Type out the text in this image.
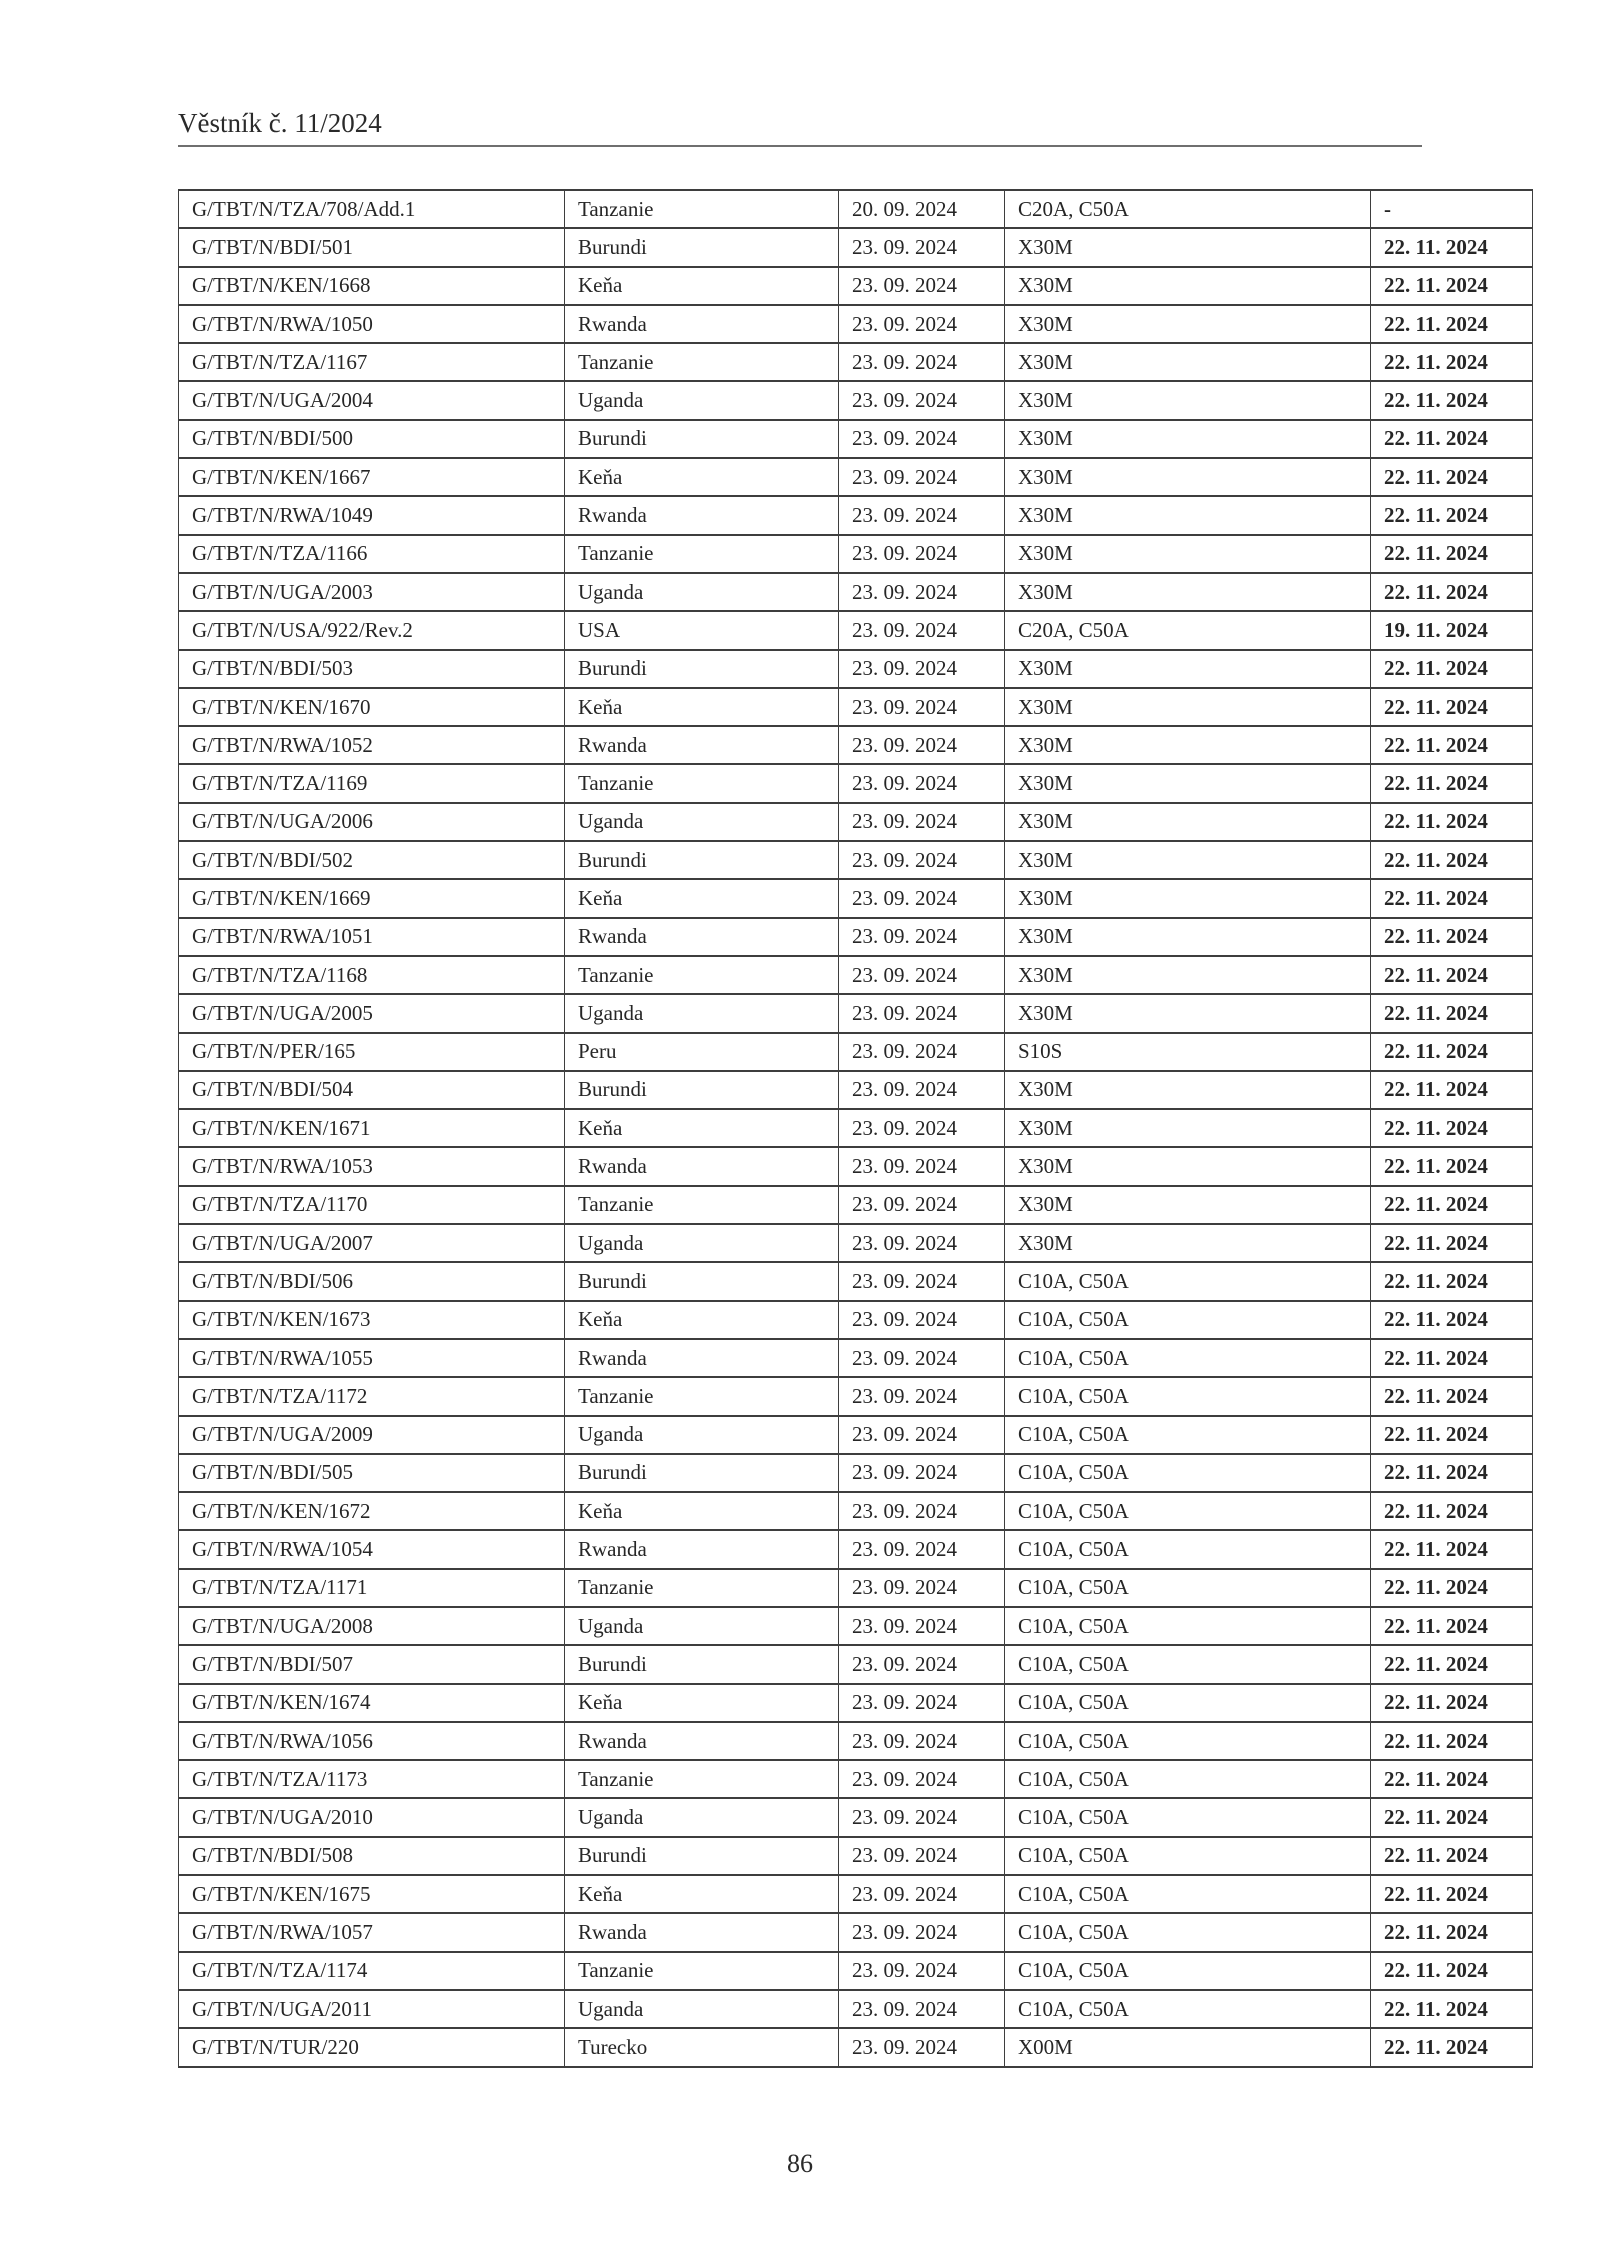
Věstník č. 11/2024
G/TBT/N/TZA/708/Add.1	Tanzanie	20. 09. 2024	C20A, C50A	-
G/TBT/N/BDI/501	Burundi	23. 09. 2024	X30M	22. 11. 2024
G/TBT/N/KEN/1668	Keňa	23. 09. 2024	X30M	22. 11. 2024
G/TBT/N/RWA/1050	Rwanda	23. 09. 2024	X30M	22. 11. 2024
G/TBT/N/TZA/1167	Tanzanie	23. 09. 2024	X30M	22. 11. 2024
G/TBT/N/UGA/2004	Uganda	23. 09. 2024	X30M	22. 11. 2024
G/TBT/N/BDI/500	Burundi	23. 09. 2024	X30M	22. 11. 2024
G/TBT/N/KEN/1667	Keňa	23. 09. 2024	X30M	22. 11. 2024
G/TBT/N/RWA/1049	Rwanda	23. 09. 2024	X30M	22. 11. 2024
G/TBT/N/TZA/1166	Tanzanie	23. 09. 2024	X30M	22. 11. 2024
G/TBT/N/UGA/2003	Uganda	23. 09. 2024	X30M	22. 11. 2024
G/TBT/N/USA/922/Rev.2	USA	23. 09. 2024	C20A, C50A	19. 11. 2024
G/TBT/N/BDI/503	Burundi	23. 09. 2024	X30M	22. 11. 2024
G/TBT/N/KEN/1670	Keňa	23. 09. 2024	X30M	22. 11. 2024
G/TBT/N/RWA/1052	Rwanda	23. 09. 2024	X30M	22. 11. 2024
G/TBT/N/TZA/1169	Tanzanie	23. 09. 2024	X30M	22. 11. 2024
G/TBT/N/UGA/2006	Uganda	23. 09. 2024	X30M	22. 11. 2024
G/TBT/N/BDI/502	Burundi	23. 09. 2024	X30M	22. 11. 2024
G/TBT/N/KEN/1669	Keňa	23. 09. 2024	X30M	22. 11. 2024
G/TBT/N/RWA/1051	Rwanda	23. 09. 2024	X30M	22. 11. 2024
G/TBT/N/TZA/1168	Tanzanie	23. 09. 2024	X30M	22. 11. 2024
G/TBT/N/UGA/2005	Uganda	23. 09. 2024	X30M	22. 11. 2024
G/TBT/N/PER/165	Peru	23. 09. 2024	S10S	22. 11. 2024
G/TBT/N/BDI/504	Burundi	23. 09. 2024	X30M	22. 11. 2024
G/TBT/N/KEN/1671	Keňa	23. 09. 2024	X30M	22. 11. 2024
G/TBT/N/RWA/1053	Rwanda	23. 09. 2024	X30M	22. 11. 2024
G/TBT/N/TZA/1170	Tanzanie	23. 09. 2024	X30M	22. 11. 2024
G/TBT/N/UGA/2007	Uganda	23. 09. 2024	X30M	22. 11. 2024
G/TBT/N/BDI/506	Burundi	23. 09. 2024	C10A, C50A	22. 11. 2024
G/TBT/N/KEN/1673	Keňa	23. 09. 2024	C10A, C50A	22. 11. 2024
G/TBT/N/RWA/1055	Rwanda	23. 09. 2024	C10A, C50A	22. 11. 2024
G/TBT/N/TZA/1172	Tanzanie	23. 09. 2024	C10A, C50A	22. 11. 2024
G/TBT/N/UGA/2009	Uganda	23. 09. 2024	C10A, C50A	22. 11. 2024
G/TBT/N/BDI/505	Burundi	23. 09. 2024	C10A, C50A	22. 11. 2024
G/TBT/N/KEN/1672	Keňa	23. 09. 2024	C10A, C50A	22. 11. 2024
G/TBT/N/RWA/1054	Rwanda	23. 09. 2024	C10A, C50A	22. 11. 2024
G/TBT/N/TZA/1171	Tanzanie	23. 09. 2024	C10A, C50A	22. 11. 2024
G/TBT/N/UGA/2008	Uganda	23. 09. 2024	C10A, C50A	22. 11. 2024
G/TBT/N/BDI/507	Burundi	23. 09. 2024	C10A, C50A	22. 11. 2024
G/TBT/N/KEN/1674	Keňa	23. 09. 2024	C10A, C50A	22. 11. 2024
G/TBT/N/RWA/1056	Rwanda	23. 09. 2024	C10A, C50A	22. 11. 2024
G/TBT/N/TZA/1173	Tanzanie	23. 09. 2024	C10A, C50A	22. 11. 2024
G/TBT/N/UGA/2010	Uganda	23. 09. 2024	C10A, C50A	22. 11. 2024
G/TBT/N/BDI/508	Burundi	23. 09. 2024	C10A, C50A	22. 11. 2024
G/TBT/N/KEN/1675	Keňa	23. 09. 2024	C10A, C50A	22. 11. 2024
G/TBT/N/RWA/1057	Rwanda	23. 09. 2024	C10A, C50A	22. 11. 2024
G/TBT/N/TZA/1174	Tanzanie	23. 09. 2024	C10A, C50A	22. 11. 2024
G/TBT/N/UGA/2011	Uganda	23. 09. 2024	C10A, C50A	22. 11. 2024
G/TBT/N/TUR/220	Turecko	23. 09. 2024	X00M	22. 11. 2024
86
